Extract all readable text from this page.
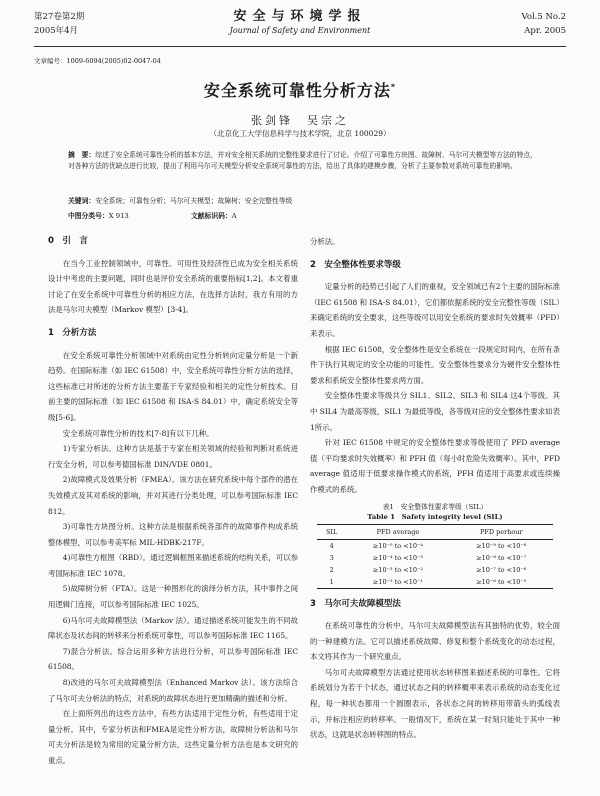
第27卷第2期
2005年4月
安全与环境学报
Journal of Safety and Environment
Vol.5 No.2
Apr. 2005
文章编号：1009-6094(2005)02-0047-04
安全系统可靠性分析方法*
张剑锋　吴宗之
（北京化工大学信息科学与技术学院，北京 100029）

摘　要：综述了安全系统可靠性分析的基本方法，并对安全相关系统的完整性要求进行了讨论。介绍了可靠性方块图、故障树、马尔可夫模型等方法的特点，对各种方法的优缺点进行比较，提出了利用马尔可夫模型分析安全系统可靠性的方法，给出了具体的建模步骤，分析了主要参数对系统可靠性的影响。

关键词：安全系统；可靠性分析；马尔可夫模型；故障树；安全完整性等级

中图分类号：X 913	文献标识码：A
0　引　言

在当今工业控制领域中，可靠性、可用性及经济性已成为安全相关系统设计中考虑的主要问题，同时也是评价安全系统的重要指标[1,2]。本文着重讨论了在安全系统中可靠性分析的相应方法，在选择方法时，我方有用的方法是马尔可夫模型（Markov 模型）[3-4]。

1　分析方法

在安全系统可靠性分析领域中对系统由定性分析转向定量分析是一个新趋势。在国际标准（如 IEC 61508）中，安全系统可靠性分析方法的选择，这些标准已对所述的分析方法主要基于专家经验和相关的定性分析技术。目前主要的国际标准（如 IEC 61508 和 ISA-S 84.01）中，确定系统安全等级[5-6]。

安全系统可靠性分析的技术[7-8]有以下几种。

1)专家分析法。这种方法是基于专家在相关领域的经验和判断对系统进行安全分析，可以参考德国标准 DIN/VDE 0801。

2)故障模式及效果分析（FMEA）。该方法在研究系统中每个部件的潜在失效模式及其对系统的影响，并对其进行分类处理，可以参考国际标准 IEC 812。

3)可靠性方块图分析。这种方法是根据系统各部件的故障事件构成系统整体模型，可以参考美军标 MIL-HDBK-217F。

4)可靠性方框图（RBD）。通过逻辑框图来描述系统的结构关系，可以参考国际标准 IEC 1078。

5)故障树分析（FTA）。这是一种图形化的演绎分析方法，其中事件之间用逻辑门连接，可以参考国际标准 IEC 1025。

6)马尔可夫故障模型法（Markov 法）。通过描述系统可能发生的不同故障状态及状态间的转移来分析系统可靠性，可以参考国际标准 IEC 1165。

7)混合分析法。综合运用多种方法进行分析，可以参考国际标准 IEC 61508。

8)改进的马尔可夫故障模型法（Enhanced Markov 法）。该方法综合了马尔可夫分析法的特点，对系统的故障状态进行更加精确的描述和分析。

在上面所列出的这些方法中，有些方法适用于定性分析，有些适用于定量分析。其中，专家分析法和FMEA是定性分析方法，故障树分析法和马尔可夫分析法是较为常用的定量分析方法，这些定量分析方法也是本文研究的重点。

分析法。

2　安全整体性要求等级

定量分析的趋势已引起了人们的重视，安全领域已有2个主要的国际标准（IEC 61508 和 ISA-S 84.01），它们都依据系统的安全完整性等级（SIL）来确定系统的安全要求，这些等级可以用安全系统的要求时失效概率（PFD）来表示。

根据 IEC 61508，安全整体性是安全系统在一段规定时间内，在所有条件下执行其规定的安全功能的可能性。安全整体性要求分为硬件安全整体性要求和系统安全整体性要求两方面。

安全整体性要求等级共分 SIL1、SIL2、SIL3 和 SIL4 这4个等级。其中 SIL4 为最高等级，SIL1 为最低等级，各等级对应的安全整体性要求如表1所示。

针对 IEC 61508 中规定的安全整体性要求等级使用了 PFD average 值（平均要求时失效概率）和 PFH 值（每小时危险失效概率）。其中，PFD average 值适用于低要求操作模式的系统，PFH 值适用于高要求或连续操作模式的系统。

表1　安全整体性要求等级（SIL）
Table 1　Safety integrity level (SIL)
SIL	PFD average	PFD perhour
4	≥10⁻⁵ to <10⁻⁴	≥10⁻⁹ to <10⁻⁸
3	≥10⁻⁴ to <10⁻³	≥10⁻⁸ to <10⁻⁷
2	≥10⁻³ to <10⁻²	≥10⁻⁷ to <10⁻⁶
1	≥10⁻² to <10⁻¹	≥10⁻⁶ to <10⁻⁵
3　马尔可夫故障模型法

在系统可靠性的分析中，马尔可夫故障模型法有其独特的优势，较全面的一种建模方法。它可以描述系统故障、修复和整个系统变化的动态过程，本文将其作为一个研究重点。

马尔可夫故障模型方法通过使用状态转移图来描述系统的可靠性。它将系统划分为若干个状态，通过状态之间的转移概率来表示系统的动态变化过程，每一种状态都用一个圆圈表示，各状态之间的转移用带箭头的弧线表示，并标注相应的转移率。一般情况下，系统在某一时刻只能处于其中一种状态，这就是状态转移图的特点。
